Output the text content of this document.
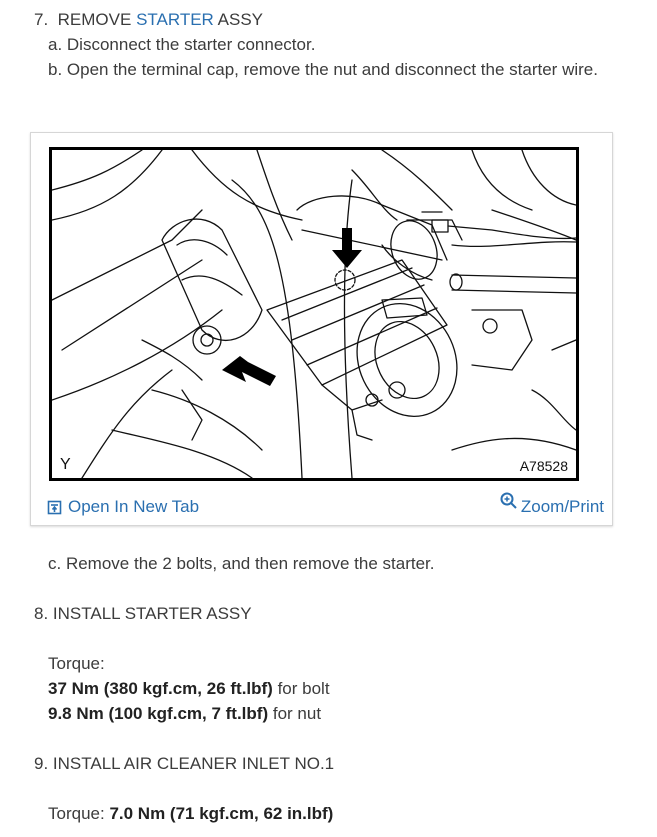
7. REMOVE STARTER ASSY
a. Disconnect the starter connector.
b. Open the terminal cap, remove the nut and disconnect the starter wire.
Y	A78528
Open In New Tab	Zoom/Print
c. Remove the 2 bolts, and then remove the starter.
8. INSTALL STARTER ASSY
Torque:
37 Nm (380 kgf.cm, 26 ft.lbf) for bolt
9.8 Nm (100 kgf.cm, 7 ft.lbf) for nut
9. INSTALL AIR CLEANER INLET NO.1
Torque: 7.0 Nm (71 kgf.cm, 62 in.lbf)
